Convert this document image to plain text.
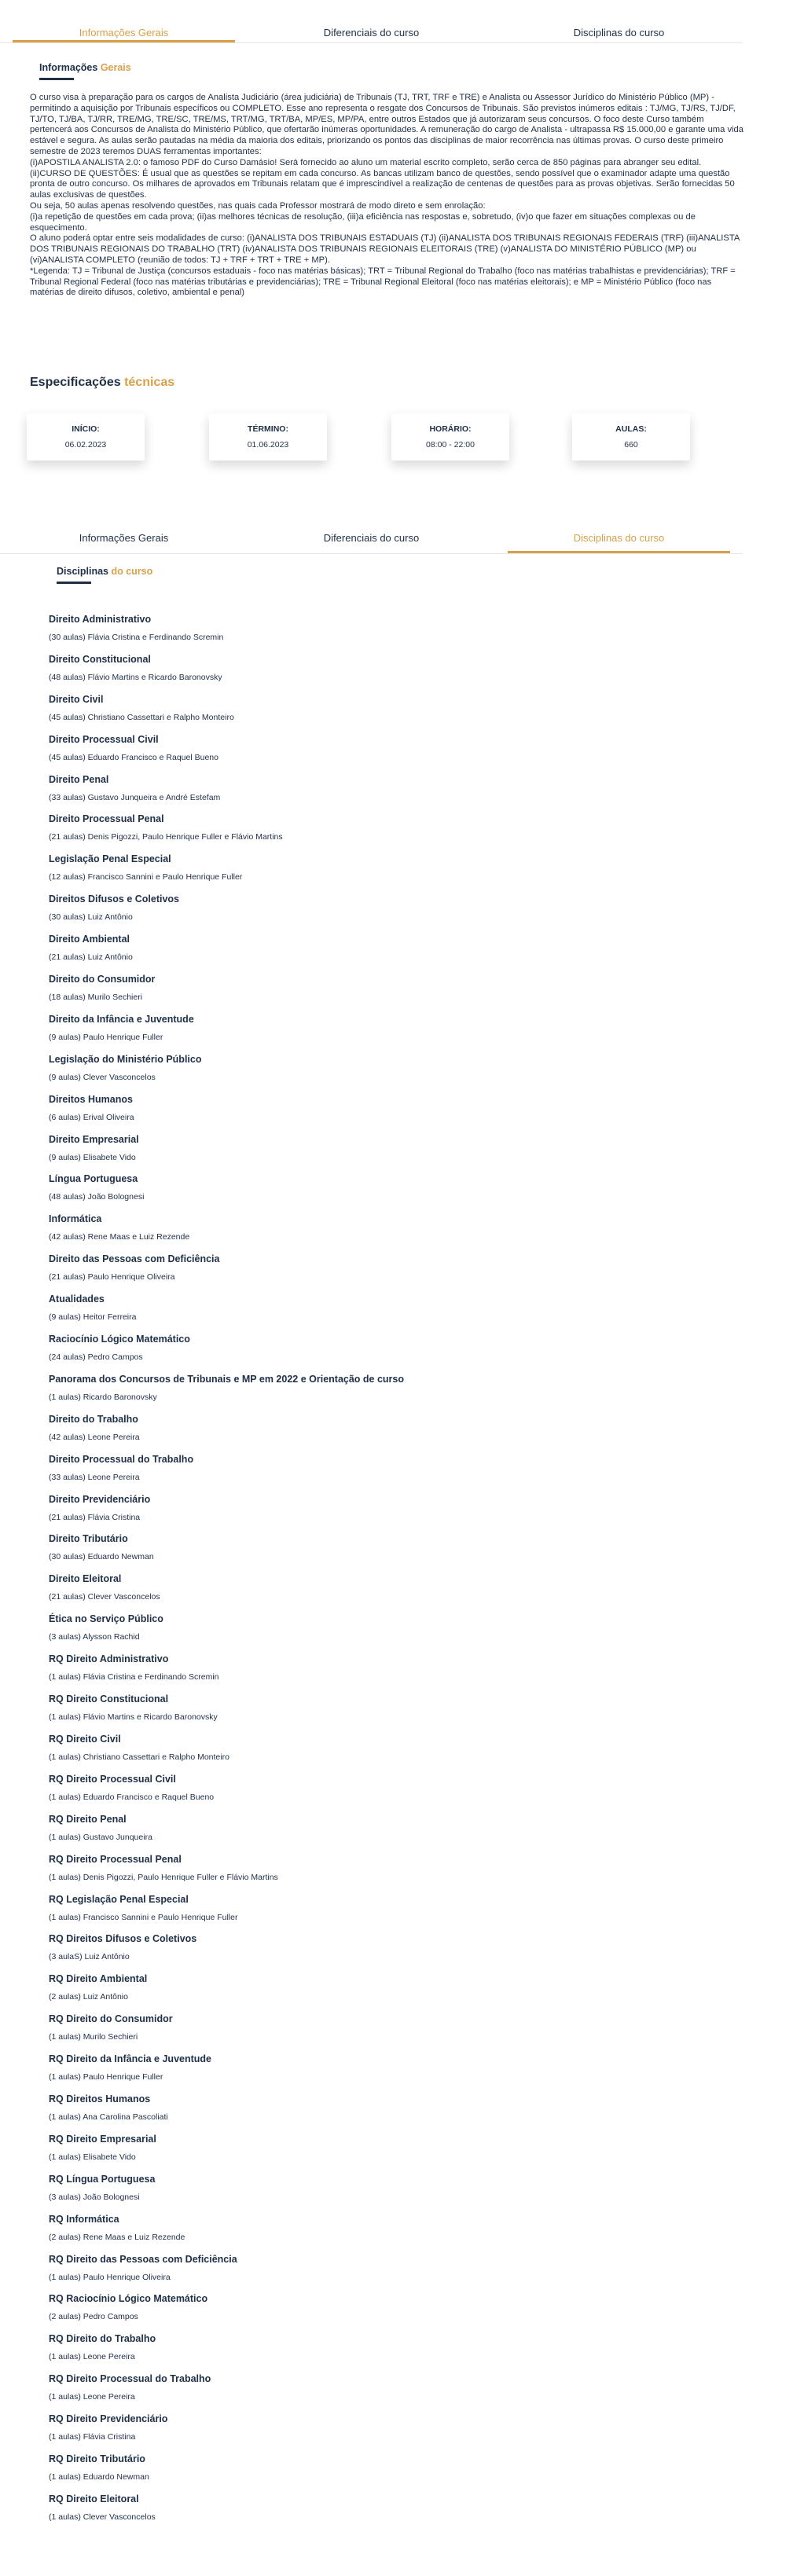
Informações Gerais	Diferenciais do curso	Disciplinas do curso
Informações Gerais

O curso visa à preparação para os cargos de Analista Judiciário (área judiciária) de Tribunais (TJ, TRT, TRF e TRE) e Analista ou Assessor Jurídico do Ministério Público (MP) - permitindo a aquisição por Tribunais específicos ou COMPLETO. Esse ano representa o resgate dos Concursos de Tribunais. São previstos inúmeros editais : TJ/MG, TJ/RS, TJ/DF, TJ/TO, TJ/BA, TJ/RR, TRE/MG, TRE/SC, TRE/MS, TRT/MG, TRT/BA, MP/ES, MP/PA, entre outros Estados que já autorizaram seus concursos. O foco deste Curso também pertencerá aos Concursos de Analista do Ministério Público, que ofertarão inúmeras oportunidades. A remuneração do cargo de Analista - ultrapassa R$ 15.000,00 e garante uma vida estável e segura. As aulas serão pautadas na média da maioria dos editais, priorizando os pontos das disciplinas de maior recorrência nas últimas provas. O curso deste primeiro semestre de 2023 teremos DUAS ferramentas importantes:

(i)APOSTILA ANALISTA 2.0: o famoso PDF do Curso Damásio! Será fornecido ao aluno um material escrito completo, serão cerca de 850 páginas para abranger seu edital.

(ii)CURSO DE QUESTÕES: É usual que as questões se repitam em cada concurso. As bancas utilizam banco de questões, sendo possível que o examinador adapte uma questão pronta de outro concurso. Os milhares de aprovados em Tribunais relatam que é imprescindível a realização de centenas de questões para as provas objetivas. Serão fornecidas 50 aulas exclusivas de questões.

Ou seja, 50 aulas apenas resolvendo questões, nas quais cada Professor mostrará de modo direto e sem enrolação:

(i)a repetição de questões em cada prova; (ii)as melhores técnicas de resolução, (iii)a eficiência nas respostas e, sobretudo, (iv)o que fazer em situações complexas ou de esquecimento.

O aluno poderá optar entre seis modalidades de curso: (i)ANALISTA DOS TRIBUNAIS ESTADUAIS (TJ) (ii)ANALISTA DOS TRIBUNAIS REGIONAIS FEDERAIS (TRF) (iii)ANALISTA DOS TRIBUNAIS REGIONAIS DO TRABALHO (TRT) (iv)ANALISTA DOS TRIBUNAIS REGIONAIS ELEITORAIS (TRE) (v)ANALISTA DO MINISTÉRIO PÚBLICO (MP) ou (vi)ANALISTA COMPLETO (reunião de todos: TJ + TRF + TRT + TRE + MP).

*Legenda: TJ = Tribunal de Justiça (concursos estaduais - foco nas matérias básicas); TRT = Tribunal Regional do Trabalho (foco nas matérias trabalhistas e previdenciárias); TRF = Tribunal Regional Federal (foco nas matérias tributárias e previdenciárias); TRE = Tribunal Regional Eleitoral (foco nas matérias eleitorais); e MP = Ministério Público (foco nas matérias de direito difusos, coletivo, ambiental e penal)

Especificações técnicas
INÍCIO:
06.02.2023
TÉRMINO:
01.06.2023
HORÁRIO:
08:00 - 22:00
AULAS:
660
Informações Gerais	Diferenciais do curso	Disciplinas do curso
Disciplinas do curso
Direito Administrativo
(30 aulas) Flávia Cristina e Ferdinando Scremin
Direito Constitucional
(48 aulas) Flávio Martins e Ricardo Baronovsky
Direito Civil
(45 aulas) Christiano Cassettari e Ralpho Monteiro
Direito Processual Civil
(45 aulas) Eduardo Francisco e Raquel Bueno
Direito Penal
(33 aulas) Gustavo Junqueira e André Estefam
Direito Processual Penal
(21 aulas) Denis Pigozzi, Paulo Henrique Fuller e Flávio Martins
Legislação Penal Especial
(12 aulas) Francisco Sannini e Paulo Henrique Fuller
Direitos Difusos e Coletivos
(30 aulas) Luiz Antônio
Direito Ambiental
(21 aulas) Luiz Antônio
Direito do Consumidor
(18 aulas) Murilo Sechieri
Direito da Infância e Juventude
(9 aulas) Paulo Henrique Fuller
Legislação do Ministério Público
(9 aulas) Clever Vasconcelos
Direitos Humanos
(6 aulas) Erival Oliveira
Direito Empresarial
(9 aulas) Elisabete Vido
Língua Portuguesa
(48 aulas) João Bolognesi
Informática
(42 aulas) Rene Maas e Luiz Rezende
Direito das Pessoas com Deficiência
(21 aulas) Paulo Henrique Oliveira
Atualidades
(9 aulas) Heitor Ferreira
Raciocínio Lógico Matemático
(24 aulas) Pedro Campos
Panorama dos Concursos de Tribunais e MP em 2022 e Orientação de curso
(1 aulas) Ricardo Baronovsky
Direito do Trabalho
(42 aulas) Leone Pereira
Direito Processual do Trabalho
(33 aulas) Leone Pereira
Direito Previdenciário
(21 aulas) Flávia Cristina
Direito Tributário
(30 aulas) Eduardo Newman
Direito Eleitoral
(21 aulas) Clever Vasconcelos
Ética no Serviço Público
(3 aulas) Alysson Rachid
RQ Direito Administrativo
(1 aulas) Flávia Cristina e Ferdinando Scremin
RQ Direito Constitucional
(1 aulas) Flávio Martins e Ricardo Baronovsky
RQ Direito Civil
(1 aulas) Christiano Cassettari e Ralpho Monteiro
RQ Direito Processual Civil
(1 aulas) Eduardo Francisco e Raquel Bueno
RQ Direito Penal
(1 aulas) Gustavo Junqueira
RQ Direito Processual Penal
(1 aulas) Denis Pigozzi, Paulo Henrique Fuller e Flávio Martins
RQ Legislação Penal Especial
(1 aulas) Francisco Sannini e Paulo Henrique Fuller
RQ Direitos Difusos e Coletivos
(3 aulaS) Luiz Antônio
RQ Direito Ambiental
(2 aulas) Luiz Antônio
RQ Direito do Consumidor
(1 aulas) Murilo Sechieri
RQ Direito da Infância e Juventude
(1 aulas) Paulo Henrique Fuller
RQ Direitos Humanos
(1 aulas) Ana Carolina Pascoliati
RQ Direito Empresarial
(1 aulas) Elisabete Vido
RQ Língua Portuguesa
(3 aulas) João Bolognesi
RQ Informática
(2 aulas) Rene Maas e Luiz Rezende
RQ Direito das Pessoas com Deficiência
(1 aulas) Paulo Henrique Oliveira
RQ Raciocínio Lógico Matemático
(2 aulas) Pedro Campos
RQ Direito do Trabalho
(1 aulas) Leone Pereira
RQ Direito Processual do Trabalho
(1 aulas) Leone Pereira
RQ Direito Previdenciário
(1 aulas) Flávia Cristina
RQ Direito Tributário
(1 aulas) Eduardo Newman
RQ Direito Eleitoral
(1 aulas) Clever Vasconcelos
